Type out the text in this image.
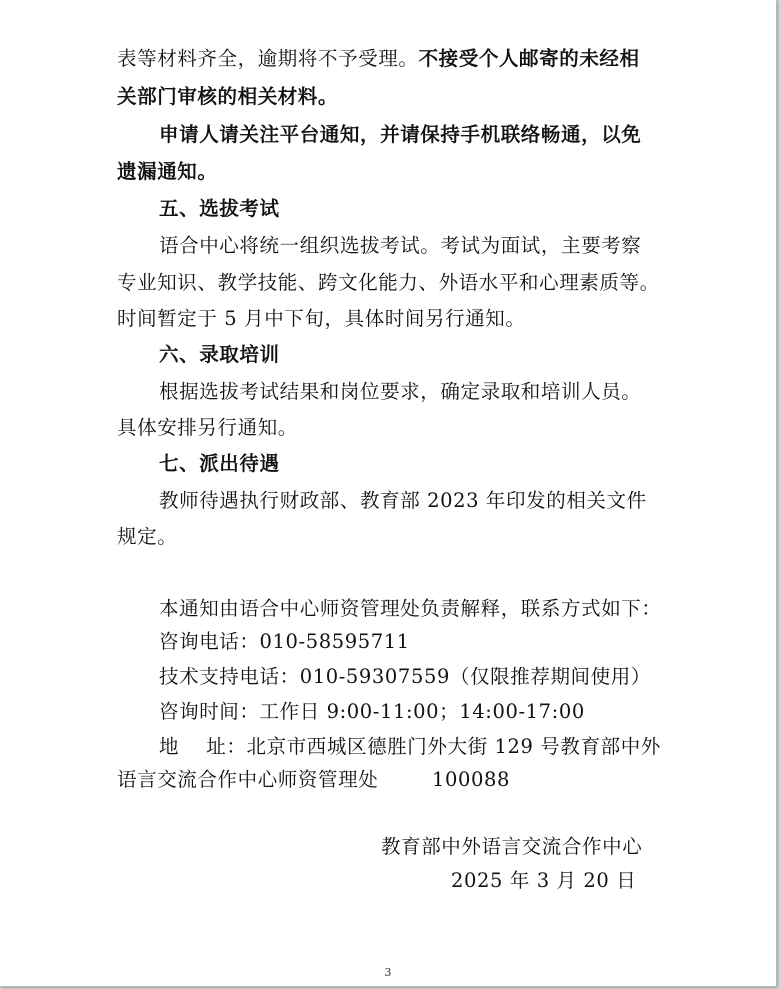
表等材料齐全，逾期将不予受理。不接受个人邮寄的未经相
关部门审核的相关材料。
申请人请关注平台通知，并请保持手机联络畅通，以免
遗漏通知。
五、选拔考试
语合中心将统一组织选拔考试。考试为面试，主要考察
专业知识、教学技能、跨文化能力、外语水平和心理素质等。
时间暂定于 5 月中下旬，具体时间另行通知。
六、录取培训
根据选拔考试结果和岗位要求，确定录取和培训人员。
具体安排另行通知。
七、派出待遇
教师待遇执行财政部、教育部 2023 年印发的相关文件
规定。
本通知由语合中心师资管理处负责解释，联系方式如下：
咨询电话：010-58595711
技术支持电话：010-59307559（仅限推荐期间使用）
咨询时间：工作日 9:00-11:00；14:00-17:00
地    址：北京市西城区德胜门外大街 129 号教育部中外
语言交流合作中心师资管理处	100088
教育部中外语言交流合作中心
2025 年 3 月 20 日
3
